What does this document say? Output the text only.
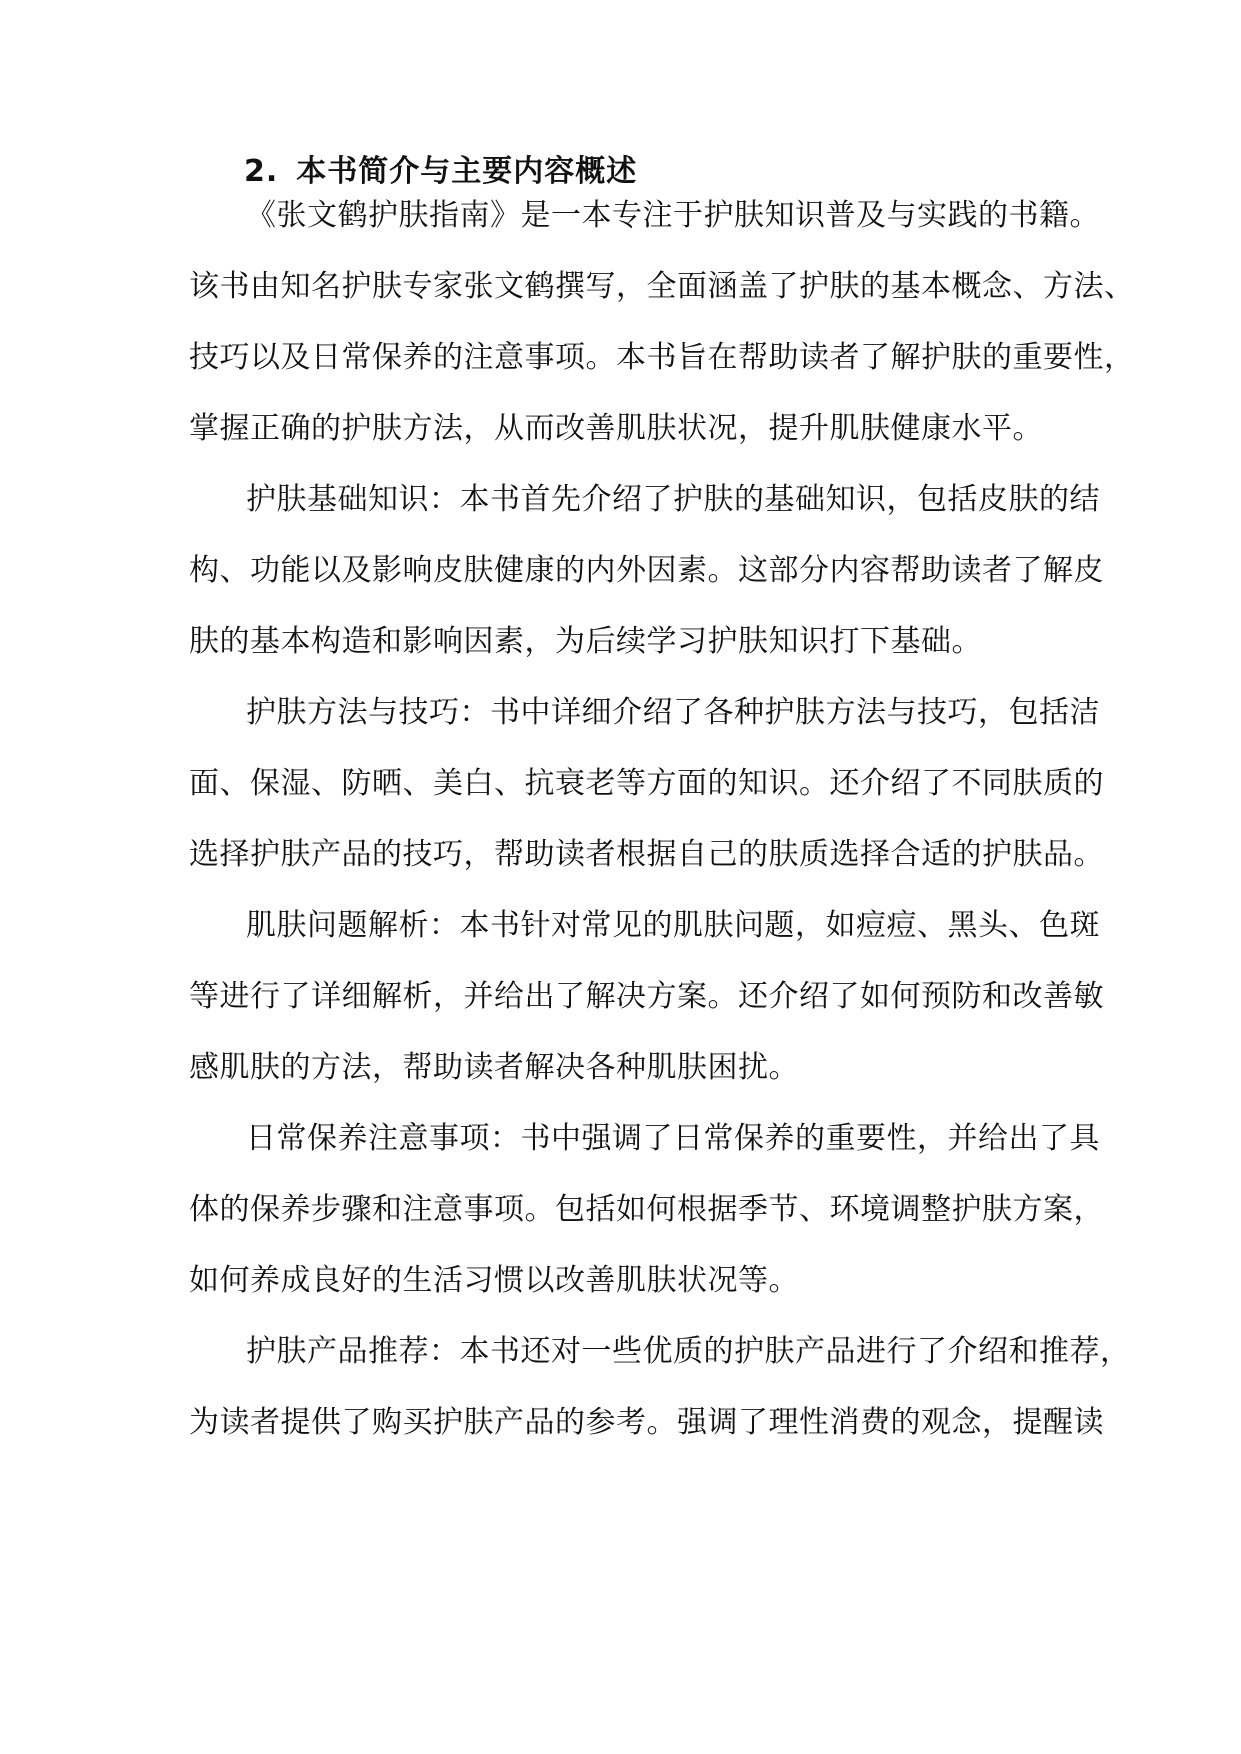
2. 本书简介与主要内容概述
《张文鹤护肤指南》是一本专注于护肤知识普及与实践的书籍。
该书由知名护肤专家张文鹤撰写，全面涵盖了护肤的基本概念、方法、
技巧以及日常保养的注意事项。本书旨在帮助读者了解护肤的重要性，
掌握正确的护肤方法，从而改善肌肤状况，提升肌肤健康水平。
护肤基础知识：本书首先介绍了护肤的基础知识，包括皮肤的结
构、功能以及影响皮肤健康的内外因素。这部分内容帮助读者了解皮
肤的基本构造和影响因素，为后续学习护肤知识打下基础。
护肤方法与技巧：书中详细介绍了各种护肤方法与技巧，包括洁
面、保湿、防晒、美白、抗衰老等方面的知识。还介绍了不同肤质的
选择护肤产品的技巧，帮助读者根据自己的肤质选择合适的护肤品。
肌肤问题解析：本书针对常见的肌肤问题，如痘痘、黑头、色斑
等进行了详细解析，并给出了解决方案。还介绍了如何预防和改善敏
感肌肤的方法，帮助读者解决各种肌肤困扰。
日常保养注意事项：书中强调了日常保养的重要性，并给出了具
体的保养步骤和注意事项。包括如何根据季节、环境调整护肤方案，
如何养成良好的生活习惯以改善肌肤状况等。
护肤产品推荐：本书还对一些优质的护肤产品进行了介绍和推荐，
为读者提供了购买护肤产品的参考。强调了理性消费的观念，提醒读
